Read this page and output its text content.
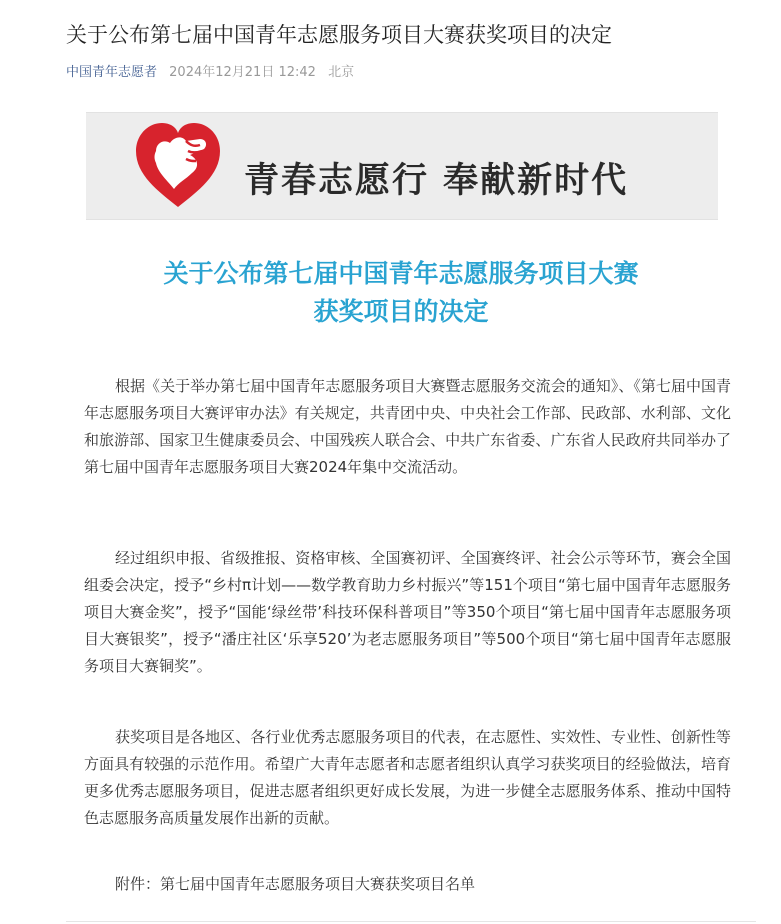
关于公布第七届中国青年志愿服务项目大赛获奖项目的决定
中国青年志愿者 2024年12月21日 12:42 北京
青春志愿行 奉献新时代
关于公布第七届中国青年志愿服务项目大赛
获奖项目的决定

根据《关于举办第七届中国青年志愿服务项目大赛暨志愿服务交流会的通知》、《第七届中国青年志愿服务项目大赛评审办法》有关规定，共青团中央、中央社会工作部、民政部、水利部、文化和旅游部、国家卫生健康委员会、中国残疾人联合会、中共广东省委、广东省人民政府共同举办了第七届中国青年志愿服务项目大赛2024年集中交流活动。

经过组织申报、省级推报、资格审核、全国赛初评、全国赛终评、社会公示等环节，赛会全国组委会决定，授予“乡村π计划——数学教育助力乡村振兴”等151个项目“第七届中国青年志愿服务项目大赛金奖”，授予“国能‘绿丝带’科技环保科普项目”等350个项目“第七届中国青年志愿服务项目大赛银奖”，授予“潘庄社区‘乐享520’为老志愿服务项目”等500个项目“第七届中国青年志愿服务项目大赛铜奖”。

获奖项目是各地区、各行业优秀志愿服务项目的代表，在志愿性、实效性、专业性、创新性等方面具有较强的示范作用。希望广大青年志愿者和志愿者组织认真学习获奖项目的经验做法，培育更多优秀志愿服务项目，促进志愿者组织更好成长发展，为进一步健全志愿服务体系、推动中国特色志愿服务高质量发展作出新的贡献。

附件：第七届中国青年志愿服务项目大赛获奖项目名单
